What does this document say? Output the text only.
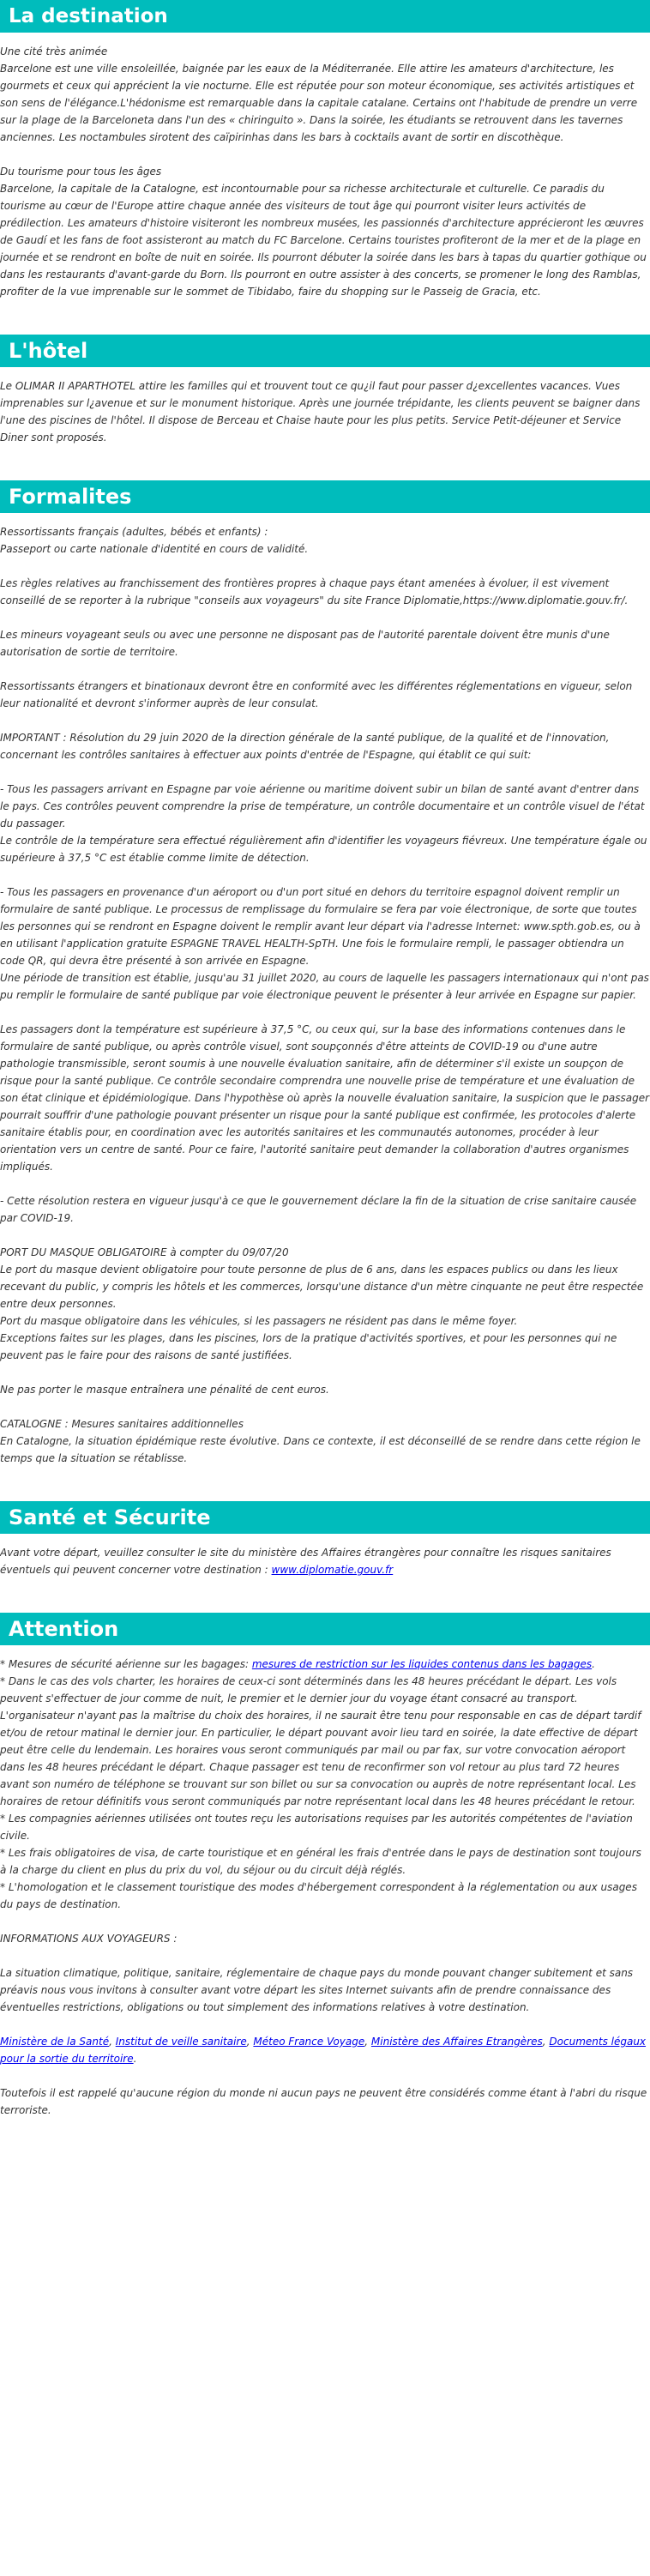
La destination
Une cité très animée
Barcelone est une ville ensoleillée, baignée par les eaux de la Méditerranée. Elle attire les amateurs d'architecture, les gourmets et ceux qui apprécient la vie nocturne. Elle est réputée pour son moteur économique, ses activités artistiques et son sens de l'élégance.L'hédonisme est remarquable dans la capitale catalane. Certains ont l'habitude de prendre un verre sur la plage de la Barceloneta dans l'un des « chiringuito ». Dans la soirée, les étudiants se retrouvent dans les tavernes anciennes. Les noctambules sirotent des caïpirinhas dans les bars à cocktails avant de sortir en discothèque.
Du tourisme pour tous les âges
Barcelone, la capitale de la Catalogne, est incontournable pour sa richesse architecturale et culturelle. Ce paradis du tourisme au cœur de l'Europe attire chaque année des visiteurs de tout âge qui pourront visiter leurs activités de prédilection. Les amateurs d'histoire visiteront les nombreux musées, les passionnés d'architecture apprécieront les œuvres de Gaudí et les fans de foot assisteront au match du FC Barcelone. Certains touristes profiteront de la mer et de la plage en journée et se rendront en boîte de nuit en soirée. Ils pourront débuter la soirée dans les bars à tapas du quartier gothique ou dans les restaurants d'avant-garde du Born. Ils pourront en outre assister à des concerts, se promener le long des Ramblas, profiter de la vue imprenable sur le sommet de Tibidabo, faire du shopping sur le Passeig de Gracia, etc.
L'hôtel
Le OLIMAR II APARTHOTEL attire les familles qui et trouvent tout ce qu¿il faut pour passer d¿excellentes vacances. Vues imprenables sur l¿avenue et sur le monument historique. Après une journée trépidante, les clients peuvent se baigner dans l'une des piscines de l'hôtel. Il dispose de Berceau et Chaise haute pour les plus petits. Service Petit-déjeuner et Service Diner sont proposés.
Formalites
Ressortissants français (adultes, bébés et enfants) :
Passeport ou carte nationale d'identité en cours de validité.
Les règles relatives au franchissement des frontières propres à chaque pays étant amenées à évoluer, il est vivement conseillé de se reporter à la rubrique "conseils aux voyageurs" du site France Diplomatie,https://www.diplomatie.gouv.fr/.
Les mineurs voyageant seuls ou avec une personne ne disposant pas de l'autorité parentale doivent être munis d'une autorisation de sortie de territoire.
Ressortissants étrangers et binationaux devront être en conformité avec les différentes réglementations en vigueur, selon leur nationalité et devront s'informer auprès de leur consulat.
IMPORTANT : Résolution du 29 juin 2020 de la direction générale de la santé publique, de la qualité et de l'innovation, concernant les contrôles sanitaires à effectuer aux points d'entrée de l'Espagne, qui établit ce qui suit:
- Tous les passagers arrivant en Espagne par voie aérienne ou maritime doivent subir un bilan de santé avant d'entrer dans le pays. Ces contrôles peuvent comprendre la prise de température, un contrôle documentaire et un contrôle visuel de l'état du passager.
Le contrôle de la température sera effectué régulièrement afin d'identifier les voyageurs fiévreux. Une température égale ou supérieure à 37,5 °C est établie comme limite de détection.
- Tous les passagers en provenance d'un aéroport ou d'un port situé en dehors du territoire espagnol doivent remplir un formulaire de santé publique. Le processus de remplissage du formulaire se fera par voie électronique, de sorte que toutes les personnes qui se rendront en Espagne doivent le remplir avant leur départ via l'adresse Internet: www.spth.gob.es, ou à en utilisant l'application gratuite ESPAGNE TRAVEL HEALTH-SpTH. Une fois le formulaire rempli, le passager obtiendra un code QR, qui devra être présenté à son arrivée en Espagne.
Une période de transition est établie, jusqu'au 31 juillet 2020, au cours de laquelle les passagers internationaux qui n'ont pas pu remplir le formulaire de santé publique par voie électronique peuvent le présenter à leur arrivée en Espagne sur papier.
Les passagers dont la température est supérieure à 37,5 °C, ou ceux qui, sur la base des informations contenues dans le formulaire de santé publique, ou après contrôle visuel, sont soupçonnés d'être atteints de COVID-19 ou d'une autre pathologie transmissible, seront soumis à une nouvelle évaluation sanitaire, afin de déterminer s'il existe un soupçon de risque pour la santé publique. Ce contrôle secondaire comprendra une nouvelle prise de température et une évaluation de son état clinique et épidémiologique. Dans l'hypothèse où après la nouvelle évaluation sanitaire, la suspicion que le passager pourrait souffrir d'une pathologie pouvant présenter un risque pour la santé publique est confirmée, les protocoles d'alerte sanitaire établis pour, en coordination avec les autorités sanitaires et les communautés autonomes, procéder à leur orientation vers un centre de santé. Pour ce faire, l'autorité sanitaire peut demander la collaboration d'autres organismes impliqués.
- Cette résolution restera en vigueur jusqu'à ce que le gouvernement déclare la fin de la situation de crise sanitaire causée par COVID-19.
PORT DU MASQUE OBLIGATOIRE à compter du 09/07/20
Le port du masque devient obligatoire pour toute personne de plus de 6 ans, dans les espaces publics ou dans les lieux recevant du public, y compris les hôtels et les commerces, lorsqu'une distance d'un mètre cinquante ne peut être respectée entre deux personnes.
Port du masque obligatoire dans les véhicules, si les passagers ne résident pas dans le même foyer.
Exceptions faites sur les plages, dans les piscines, lors de la pratique d'activités sportives, et pour les personnes qui ne peuvent pas le faire pour des raisons de santé justifiées.
Ne pas porter le masque entraînera une pénalité de cent euros.
CATALOGNE : Mesures sanitaires additionnelles
En Catalogne, la situation épidémique reste évolutive. Dans ce contexte, il est déconseillé de se rendre dans cette région le temps que la situation se rétablisse.
Santé et Sécurite
Avant votre départ, veuillez consulter le site du ministère des Affaires étrangères pour connaître les risques sanitaires éventuels qui peuvent concerner votre destination : www.diplomatie.gouv.fr
Attention
* Mesures de sécurité aérienne sur les bagages: mesures de restriction sur les liquides contenus dans les bagages.
* Dans le cas des vols charter, les horaires de ceux-ci sont déterminés dans les 48 heures précédant le départ. Les vols peuvent s'effectuer de jour comme de nuit, le premier et le dernier jour du voyage étant consacré au transport. L'organisateur n'ayant pas la maîtrise du choix des horaires, il ne saurait être tenu pour responsable en cas de départ tardif et/ou de retour matinal le dernier jour. En particulier, le départ pouvant avoir lieu tard en soirée, la date effective de départ peut être celle du lendemain. Les horaires vous seront communiqués par mail ou par fax, sur votre convocation aéroport dans les 48 heures précédant le départ. Chaque passager est tenu de reconfirmer son vol retour au plus tard 72 heures avant son numéro de téléphone se trouvant sur son billet ou sur sa convocation ou auprès de notre représentant local. Les horaires de retour définitifs vous seront communiqués par notre représentant local dans les 48 heures précédant le retour.
* Les compagnies aériennes utilisées ont toutes reçu les autorisations requises par les autorités compétentes de l'aviation civile.
* Les frais obligatoires de visa, de carte touristique et en général les frais d'entrée dans le pays de destination sont toujours à la charge du client en plus du prix du vol, du séjour ou du circuit déjà réglés.
* L'homologation et le classement touristique des modes d'hébergement correspondent à la réglementation ou aux usages du pays de destination.
INFORMATIONS AUX VOYAGEURS :
La situation climatique, politique, sanitaire, réglementaire de chaque pays du monde pouvant changer subitement et sans préavis nous vous invitons à consulter avant votre départ les sites Internet suivants afin de prendre connaissance des éventuelles restrictions, obligations ou tout simplement des informations relatives à votre destination.
Ministère de la Santé, Institut de veille sanitaire, Méteo France Voyage, Ministère des Affaires Etrangères, Documents légaux pour la sortie du territoire.
Toutefois il est rappelé qu'aucune région du monde ni aucun pays ne peuvent être considérés comme étant à l'abri du risque terroriste.
